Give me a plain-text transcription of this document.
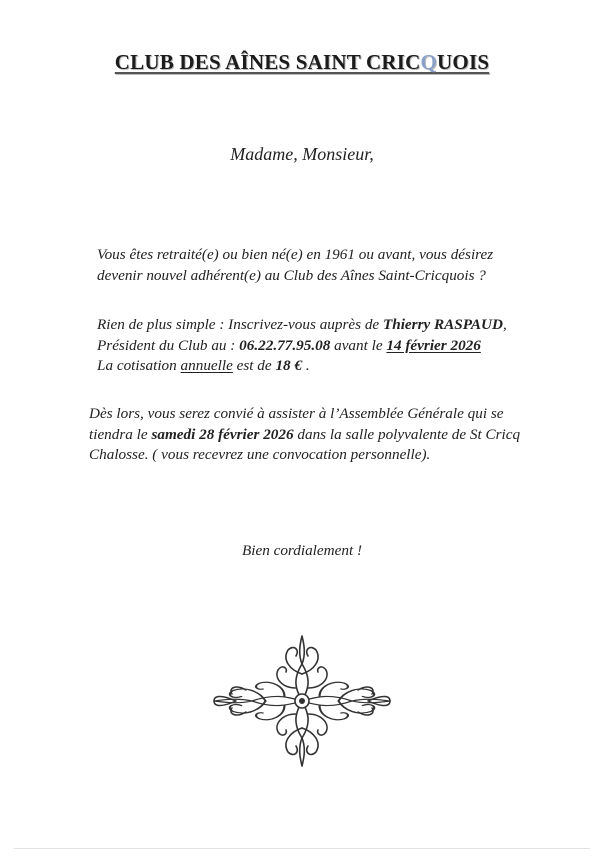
CLUB DES AÎNES SAINT CRICQUOIS
Madame, Monsieur,
Vous êtes retraité(e) ou bien né(e) en 1961 ou avant, vous désirez
devenir nouvel adhérent(e) au Club des Aînes Saint-Cricquois ?
Rien de plus simple : Inscrivez-vous auprès de Thierry RASPAUD,
Président du Club au : 06.22.77.95.08 avant le 14 février 2026
La cotisation annuelle est de 18 € .
Dès lors, vous serez convié à assister à l’Assemblée Générale qui se
tiendra le samedi 28 février 2026 dans la salle polyvalente de St Cricq
Chalosse. ( vous recevrez une convocation personnelle).
Bien cordialement !
